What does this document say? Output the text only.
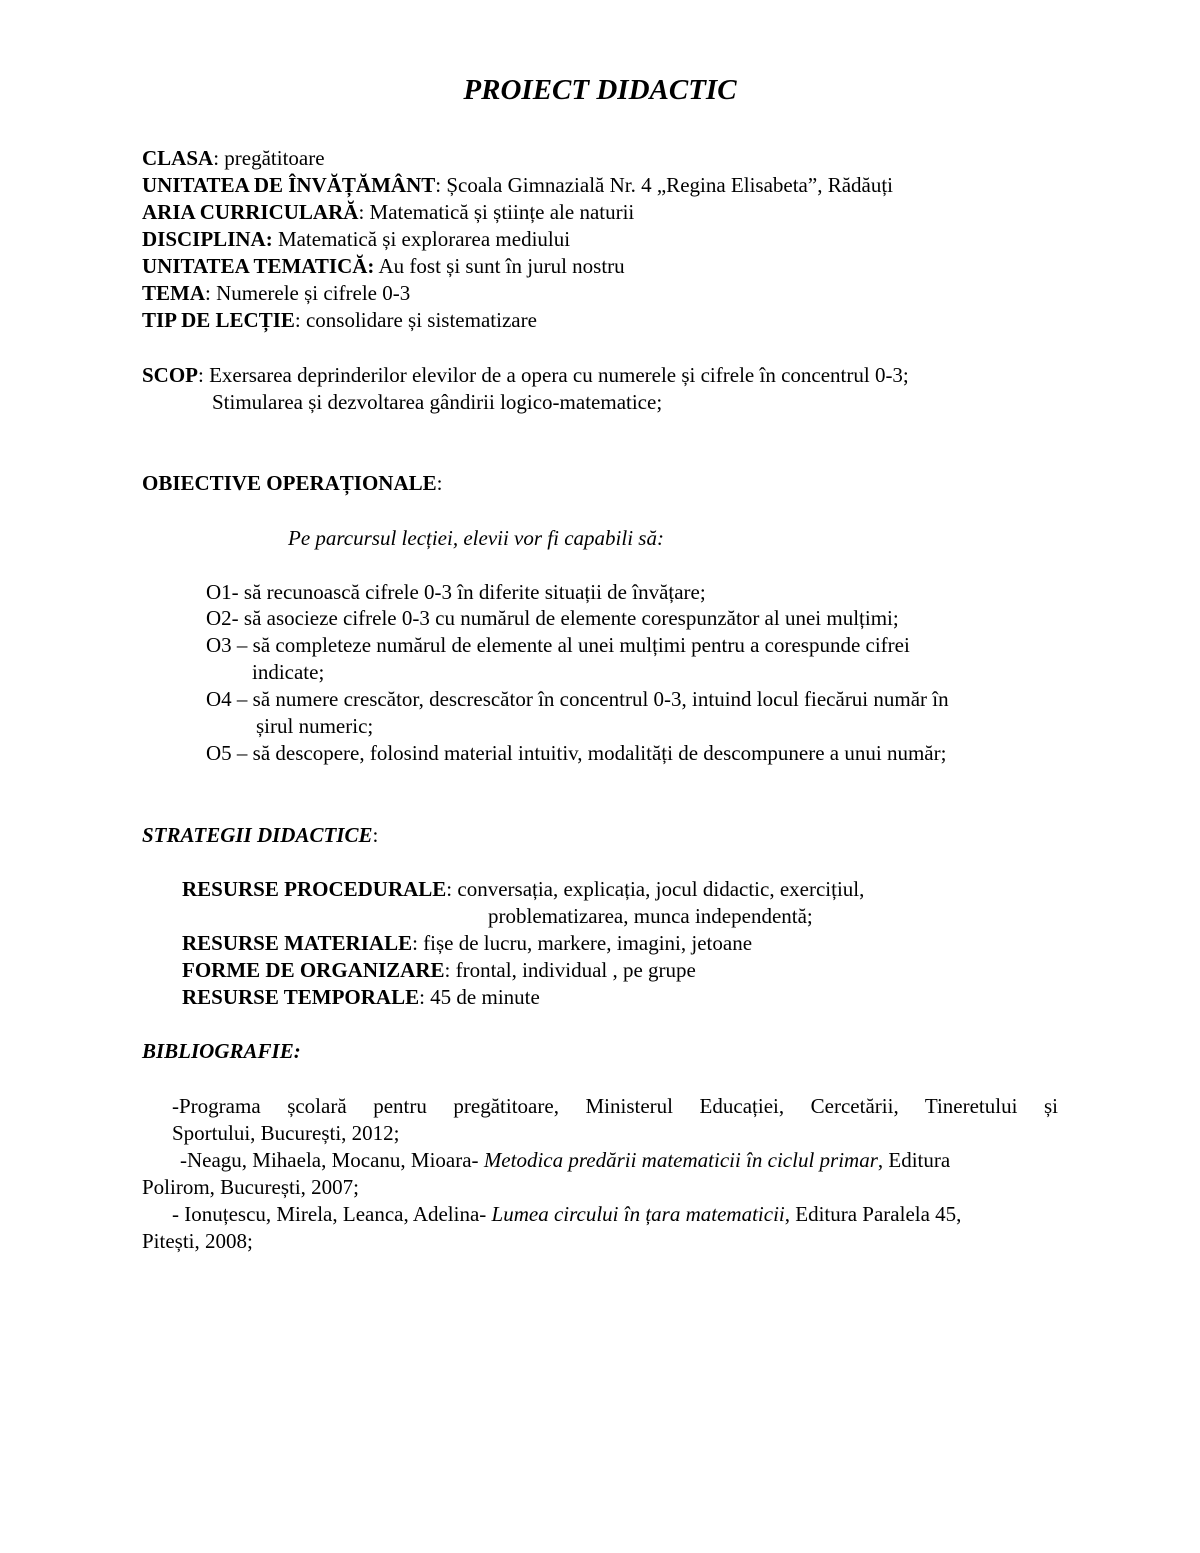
PROIECT DIDACTIC
CLASA: pregătitoare
UNITATEA DE ÎNVĂȚĂMÂNT: Școala Gimnazială Nr. 4 „Regina Elisabeta”, Rădăuți
ARIA CURRICULARĂ: Matematică și științe ale naturii
DISCIPLINA: Matematică și explorarea mediului
UNITATEA TEMATICĂ: Au fost și sunt în jurul nostru
TEMA: Numerele și cifrele 0-3
TIP DE LECȚIE: consolidare și sistematizare
SCOP: Exersarea deprinderilor elevilor de a opera cu numerele și cifrele în concentrul 0-3;
Stimularea și dezvoltarea gândirii logico-matematice;
OBIECTIVE OPERAȚIONALE:
Pe parcursul lecției, elevii vor fi capabili să:
O1- să recunoască cifrele 0-3 în diferite situații de învățare;
O2- să asocieze cifrele 0-3 cu numărul de elemente corespunzător al unei mulțimi;
O3 – să completeze numărul de elemente al unei mulțimi pentru a corespunde cifrei
indicate;
O4 – să numere crescător, descrescător în concentrul 0-3, intuind locul fiecărui număr în
șirul numeric;
O5 – să descopere, folosind material intuitiv, modalități de descompunere a unui număr;
STRATEGII DIDACTICE:
RESURSE PROCEDURALE: conversația, explicația, jocul didactic, exercițiul,
problematizarea, munca independentă;
RESURSE MATERIALE: fișe de lucru, markere, imagini, jetoane
FORME DE ORGANIZARE: frontal, individual , pe grupe
RESURSE TEMPORALE: 45 de minute
BIBLIOGRAFIE:
-Programa școlară pentru pregătitoare, Ministerul Educației, Cercetării, Tineretului și
Sportului, București, 2012;
-Neagu, Mihaela, Mocanu, Mioara- Metodica predării matematicii în ciclul primar, Editura
Polirom, București, 2007;
- Ionuțescu, Mirela, Leanca, Adelina- Lumea circului în țara matematicii, Editura Paralela 45,
Pitești, 2008;
